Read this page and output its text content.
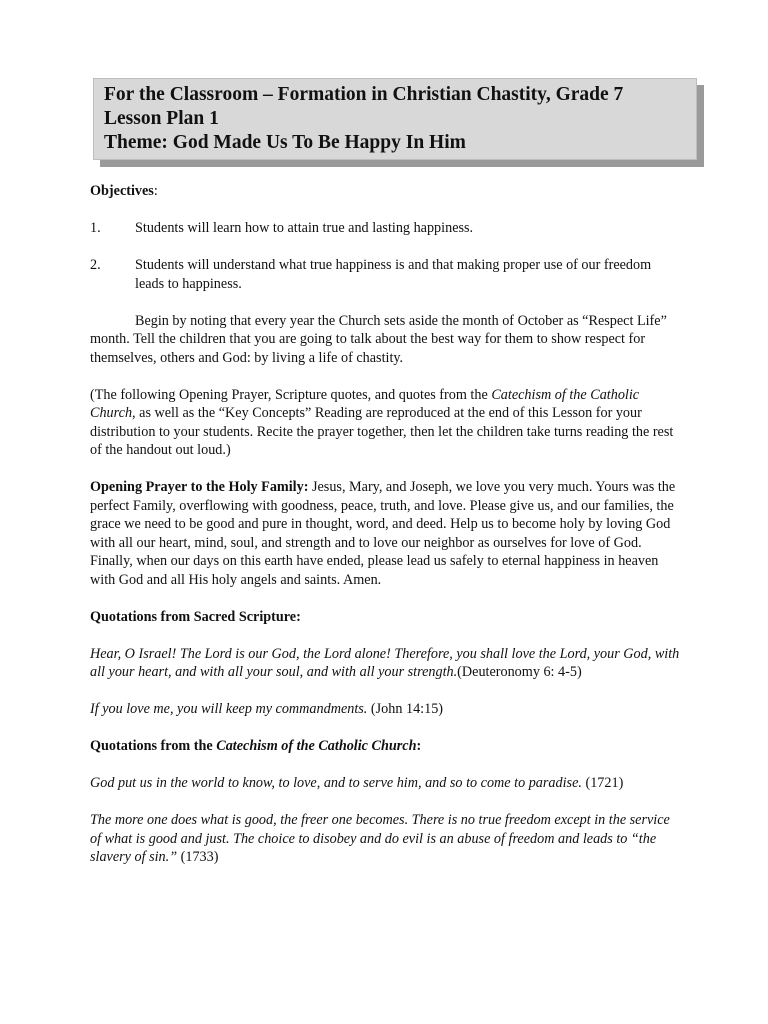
For the Classroom – Formation in Christian Chastity, Grade 7
Lesson Plan 1
Theme: God Made Us To Be Happy In Him

Objectives:

1.	Students will learn how to attain true and lasting happiness.
2.	Students will understand what true happiness is and that making proper use of our freedom leads to happiness.

Begin by noting that every year the Church sets aside the month of October as “Respect Life” month. Tell the children that you are going to talk about the best way for them to show respect for themselves, others and God: by living a life of chastity.

(The following Opening Prayer, Scripture quotes, and quotes from the Catechism of the Catholic Church, as well as the “Key Concepts” Reading are reproduced at the end of this Lesson for your distribution to your students. Recite the prayer together, then let the children take turns reading the rest of the handout out loud.)

Opening Prayer to the Holy Family: Jesus, Mary, and Joseph, we love you very much. Yours was the perfect Family, overflowing with goodness, peace, truth, and love. Please give us, and our families, the grace we need to be good and pure in thought, word, and deed. Help us to become holy by loving God with all our heart, mind, soul, and strength and to love our neighbor as ourselves for love of God. Finally, when our days on this earth have ended, please lead us safely to eternal happiness in heaven with God and all His holy angels and saints. Amen.

Quotations from Sacred Scripture:

Hear, O Israel! The Lord is our God, the Lord alone! Therefore, you shall love the Lord, your God, with all your heart, and with all your soul, and with all your strength.(Deuteronomy 6: 4-5)

If you love me, you will keep my commandments. (John 14:15)

Quotations from the Catechism of the Catholic Church:

God put us in the world to know, to love, and to serve him, and so to come to paradise. (1721)

The more one does what is good, the freer one becomes. There is no true freedom except in the service of what is good and just. The choice to disobey and do evil is an abuse of freedom and leads to “the slavery of sin.” (1733)
